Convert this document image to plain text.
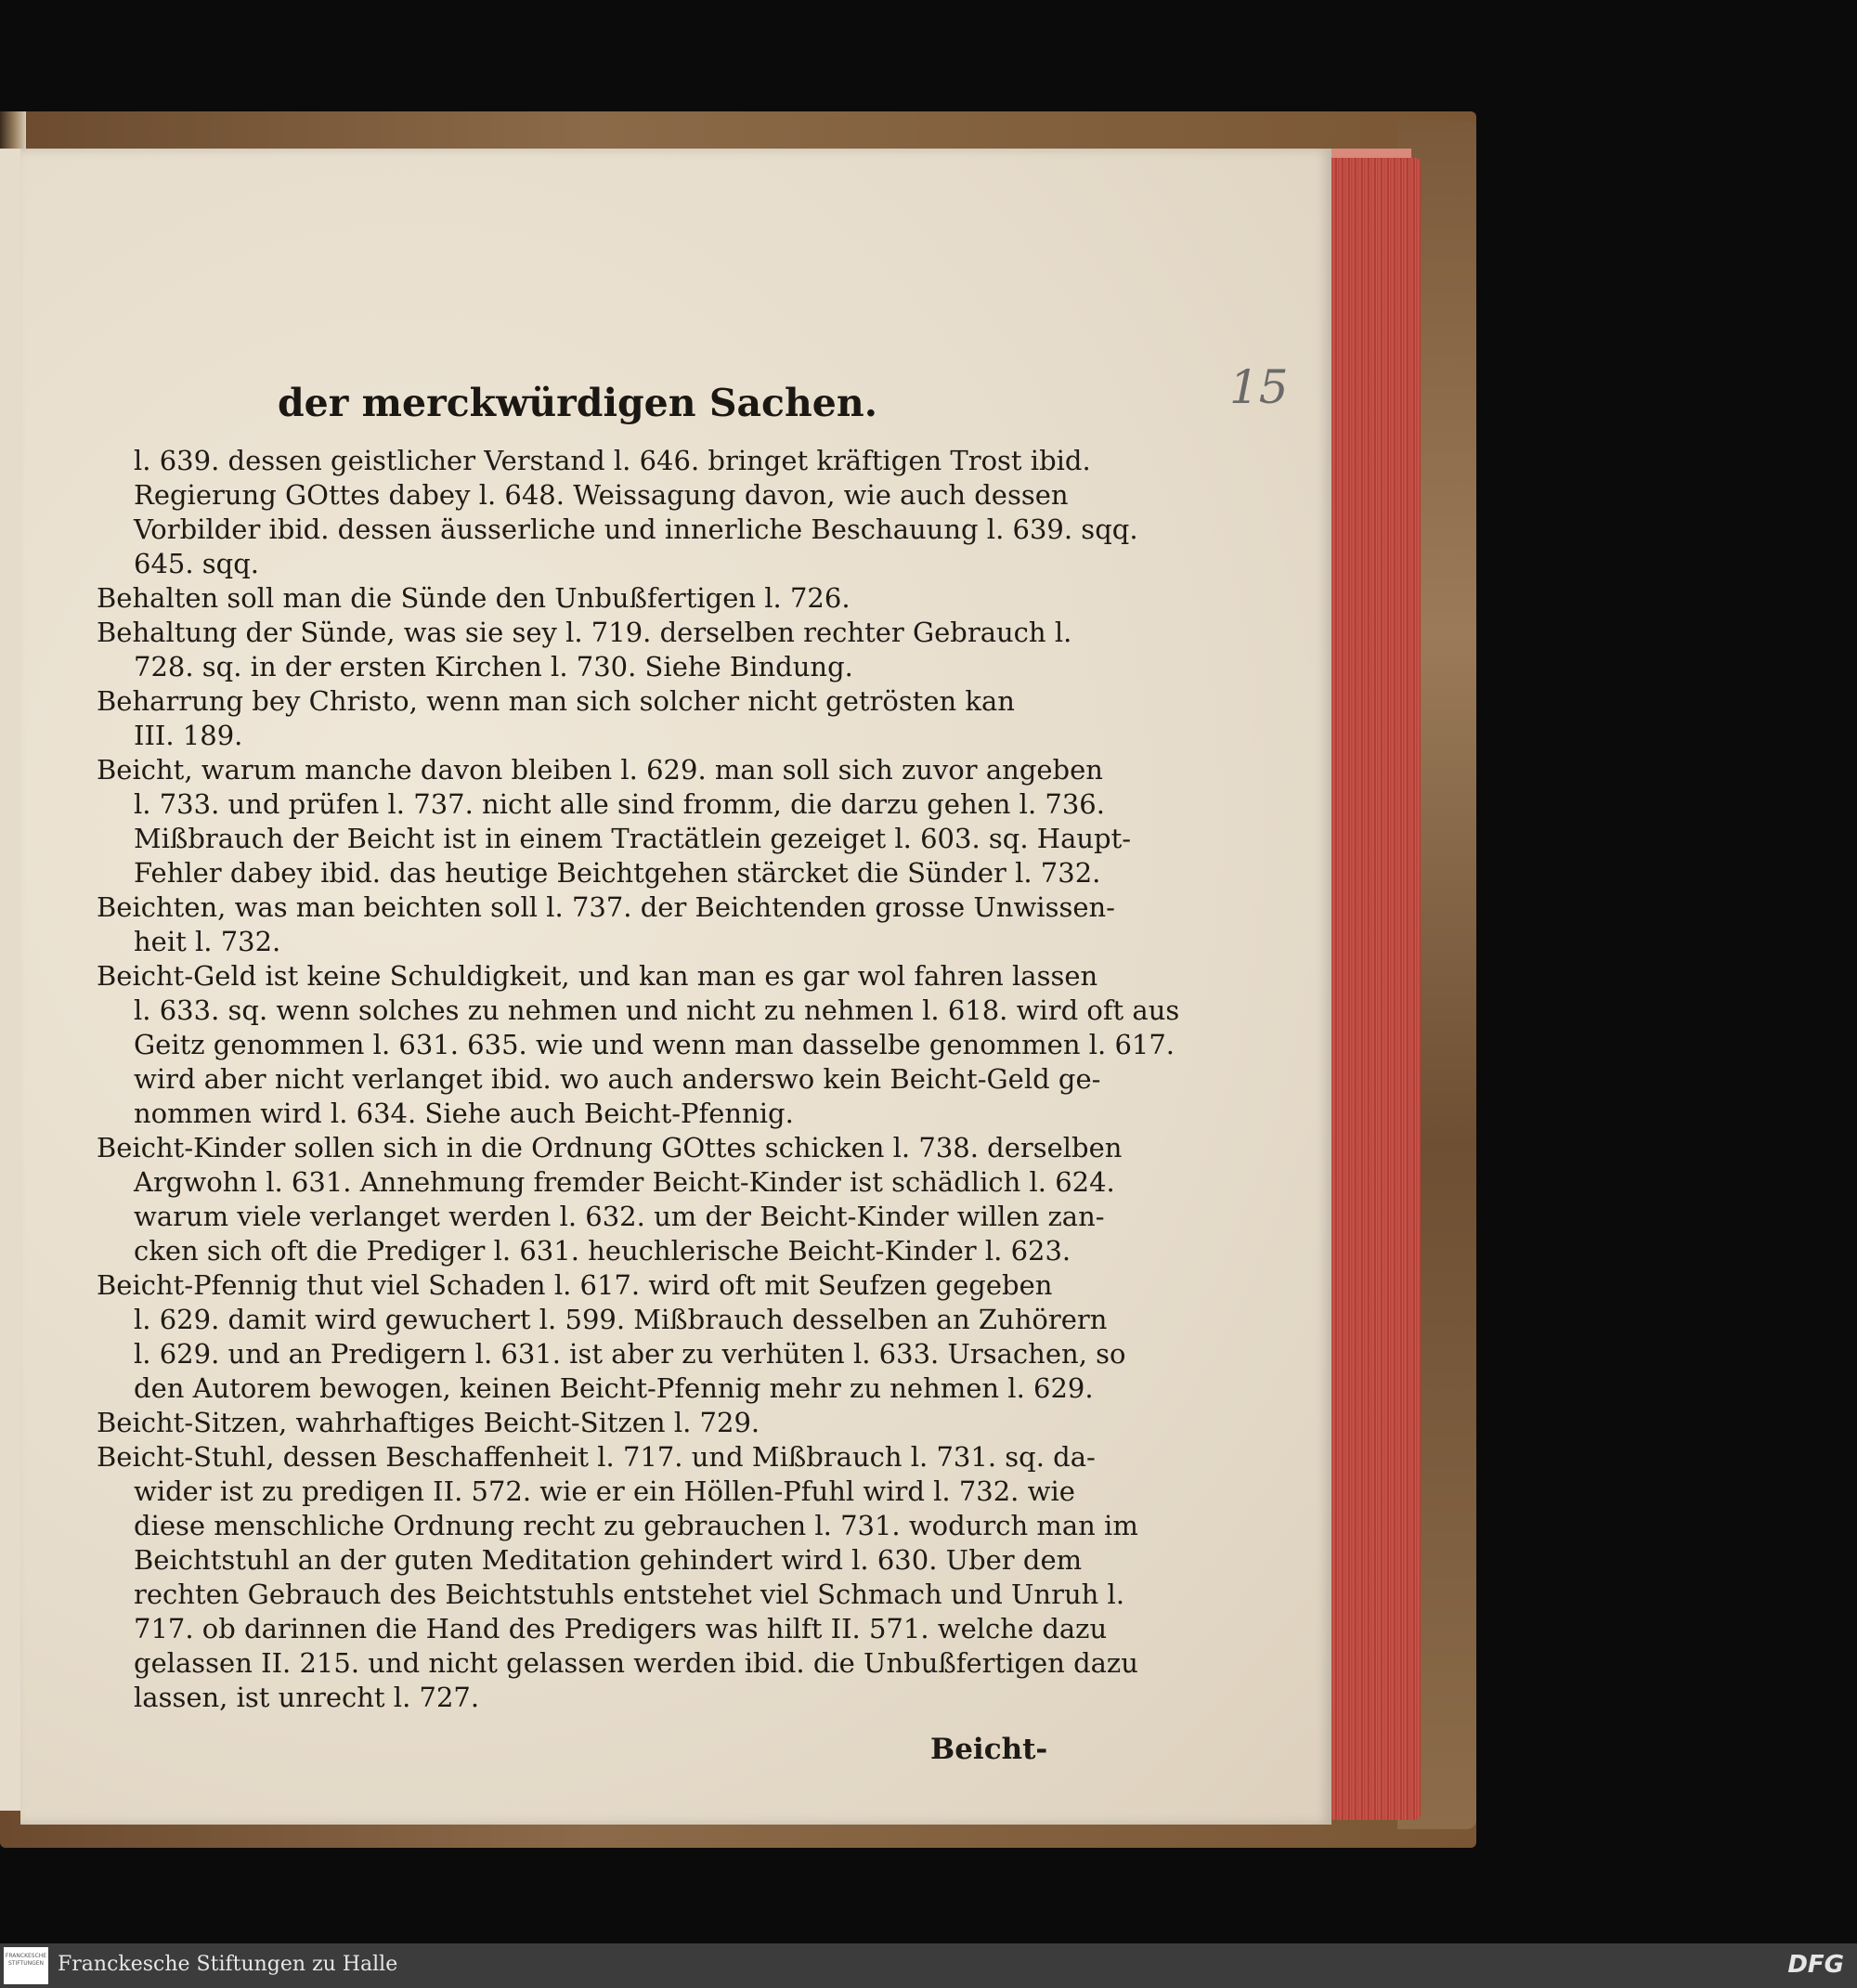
15
der merckwürdigen Sachen.
l. 639. dessen geistlicher Verstand l. 646. bringet kräftigen Trost ibid.
Regierung GOttes dabey l. 648. Weissagung davon, wie auch dessen
Vorbilder ibid. dessen äusserliche und innerliche Beschauung l. 639. sqq.
645. sqq.
Behalten soll man die Sünde den Unbußfertigen l. 726.
Behaltung der Sünde, was sie sey l. 719. derselben rechter Gebrauch l.
728. sq. in der ersten Kirchen l. 730. Siehe Bindung.
Beharrung bey Christo, wenn man sich solcher nicht getrösten kan
III. 189.
Beicht, warum manche davon bleiben l. 629. man soll sich zuvor angeben
l. 733. und prüfen l. 737. nicht alle sind fromm, die darzu gehen l. 736.
Mißbrauch der Beicht ist in einem Tractätlein gezeiget l. 603. sq. Haupt-
Fehler dabey ibid. das heutige Beichtgehen stärcket die Sünder l. 732.
Beichten, was man beichten soll l. 737. der Beichtenden grosse Unwissen-
heit l. 732.
Beicht-Geld ist keine Schuldigkeit, und kan man es gar wol fahren lassen
l. 633. sq. wenn solches zu nehmen und nicht zu nehmen l. 618. wird oft aus
Geitz genommen l. 631. 635. wie und wenn man dasselbe genommen l. 617.
wird aber nicht verlanget ibid. wo auch anderswo kein Beicht-Geld ge-
nommen wird l. 634. Siehe auch Beicht-Pfennig.
Beicht-Kinder sollen sich in die Ordnung GOttes schicken l. 738. derselben
Argwohn l. 631. Annehmung fremder Beicht-Kinder ist schädlich l. 624.
warum viele verlanget werden l. 632. um der Beicht-Kinder willen zan-
cken sich oft die Prediger l. 631. heuchlerische Beicht-Kinder l. 623.
Beicht-Pfennig thut viel Schaden l. 617. wird oft mit Seufzen gegeben
l. 629. damit wird gewuchert l. 599. Mißbrauch desselben an Zuhörern
l. 629. und an Predigern l. 631. ist aber zu verhüten l. 633. Ursachen, so
den Autorem bewogen, keinen Beicht-Pfennig mehr zu nehmen l. 629.
Beicht-Sitzen, wahrhaftiges Beicht-Sitzen l. 729.
Beicht-Stuhl, dessen Beschaffenheit l. 717. und Mißbrauch l. 731. sq. da-
wider ist zu predigen II. 572. wie er ein Höllen-Pfuhl wird l. 732. wie
diese menschliche Ordnung recht zu gebrauchen l. 731. wodurch man im
Beichtstuhl an der guten Meditation gehindert wird l. 630. Uber dem
rechten Gebrauch des Beichtstuhls entstehet viel Schmach und Unruh l.
717. ob darinnen die Hand des Predigers was hilft II. 571. welche dazu
gelassen II. 215. und nicht gelassen werden ibid. die Unbußfertigen dazu
lassen, ist unrecht l. 727.
Beicht-
FRANCKESCHE STIFTUNGEN Franckesche Stiftungen zu Halle	DFG
